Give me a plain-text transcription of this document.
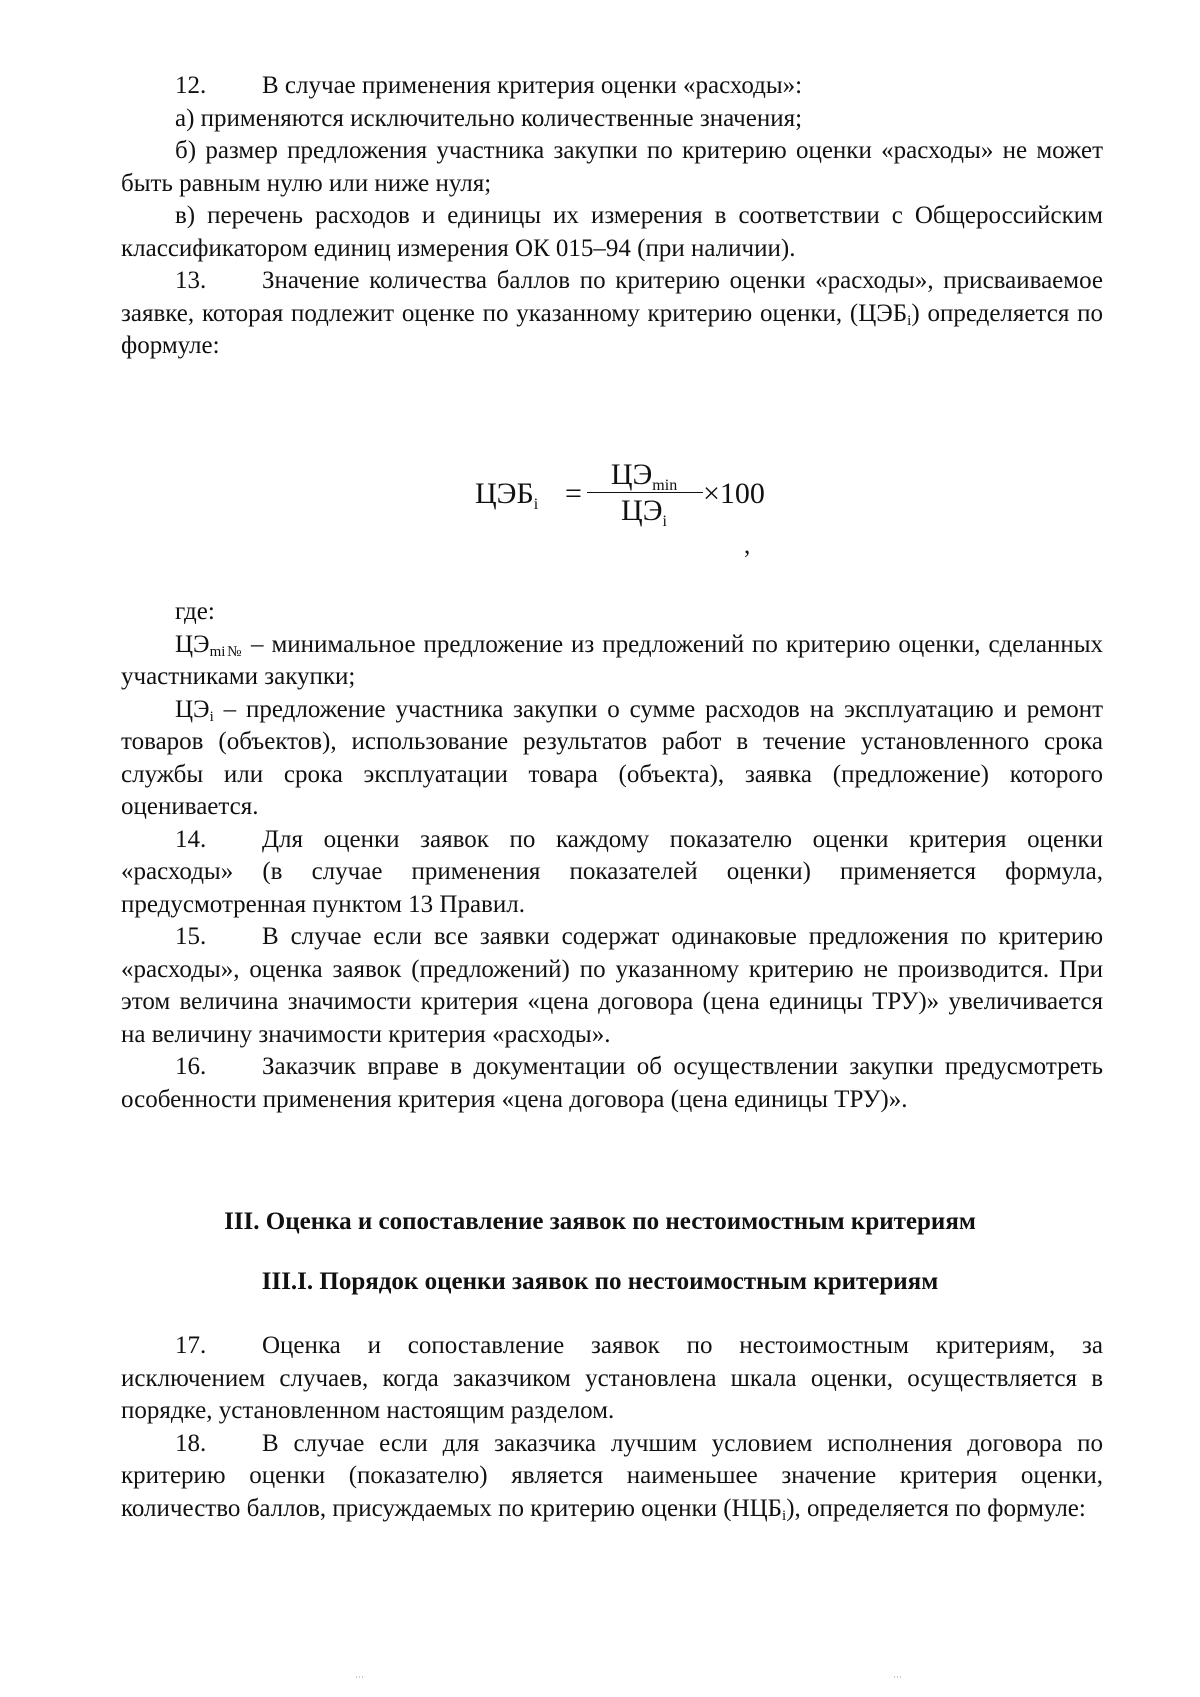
12. В случае применения критерия оценки «расходы»:

а) применяются исключительно количественные значения;

б) размер предложения участника закупки по критерию оценки «расходы» не может быть равным нулю или ниже нуля;

в) перечень расходов и единицы их измерения в соответствии с Общероссийским классификатором единиц измерения ОК 015–94 (при наличии).

13. Значение количества баллов по критерию оценки «расходы», присваиваемое заявке, которая подлежит оценке по указанному критерию оценки, $(ЦЭБ_i)$ определяется по формуле:

$ЦЭБ_i$ =
$ЦЭ_{min}$
$ЦЭ_i$
×100
,

где:

$ЦЭ_{mi№}$ – минимальное предложение из предложений по критерию оценки, сделанных участниками закупки;

$ЦЭ_i$ – предложение участника закупки о сумме расходов на эксплуатацию и ремонт товаров (объектов), использование результатов работ в течение установленного срока службы или срока эксплуатации товара (объекта), заявка (предложение) которого оценивается.

14. Для оценки заявок по каждому показателю оценки критерия оценки «расходы» (в случае применения показателей оценки) применяется формула, предусмотренная пунктом 13 Правил.

15. В случае если все заявки содержат одинаковые предложения по критерию «расходы», оценка заявок (предложений) по указанному критерию не производится. При этом величина значимости критерия «цена договора (цена единицы ТРУ)» увеличивается на величину значимости критерия «расходы».

16. Заказчик вправе в документации об осуществлении закупки предусмотреть особенности применения критерия «цена договора (цена единицы ТРУ)».

III. Оценка и сопоставление заявок по нестоимостным критериям
III.I. Порядок оценки заявок по нестоимостным критериям

17. Оценка и сопоставление заявок по нестоимостным критериям, за исключением случаев, когда заказчиком установлена шкала оценки, осуществляется в порядке, установленном настоящим разделом.

18. В случае если для заказчика лучшим условием исполнения договора по критерию оценки (показателю) является наименьшее значение критерия оценки, количество баллов, присуждаемых по критерию оценки $(НЦБ_i)$, определяется по формуле:

˙˙˙	˙˙˙
